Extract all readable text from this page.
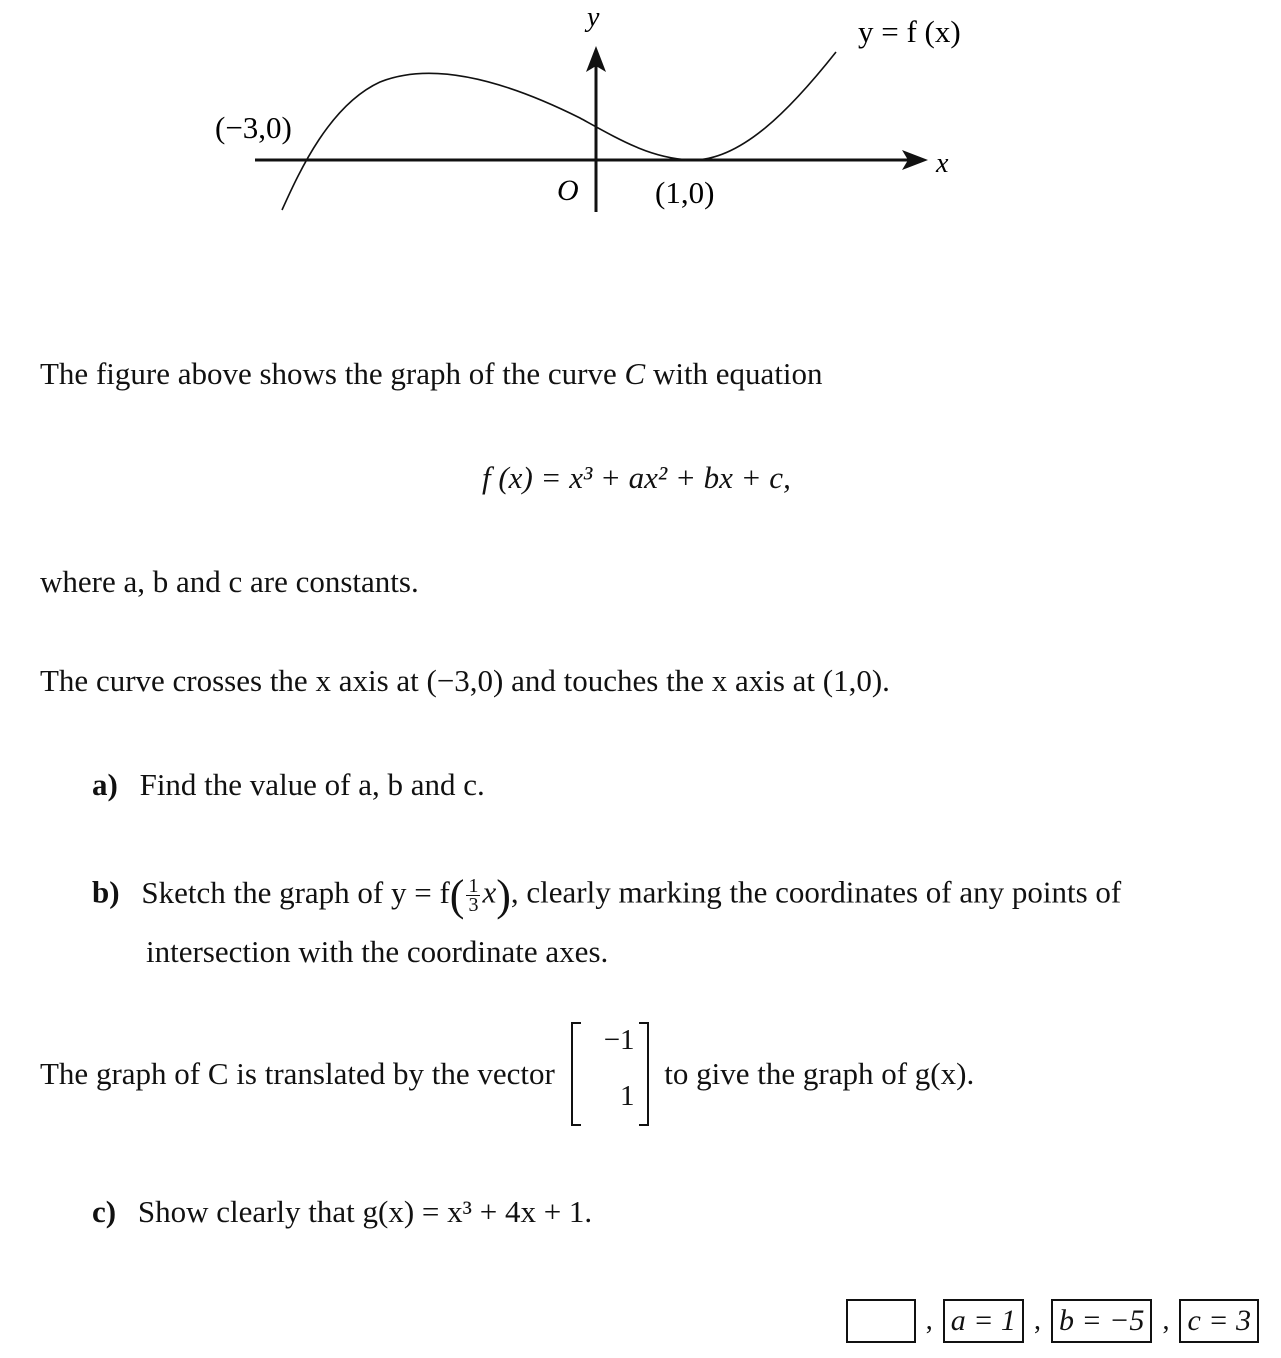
y
x
O
y = f (x)
(−3,0)
(1,0)
The figure above shows the graph of the curve C with equation
f (x) = x³ + ax² + bx + c,
where a, b and c are constants.
The curve crosses the x axis at (−3,0) and touches the x axis at (1,0).
a) Find the value of a, b and c.
b) Sketch the graph of $y = f( \frac{1}{3} x)$, clearly marking the coordinates of any points of
intersection with the coordinate axes.
The graph of C is translated by the vector
−1
1
to give the graph of g(x).
c) Show clearly that g(x) = x³ + 4x + 1.
, a = 1 , b = −5 , c = 3
